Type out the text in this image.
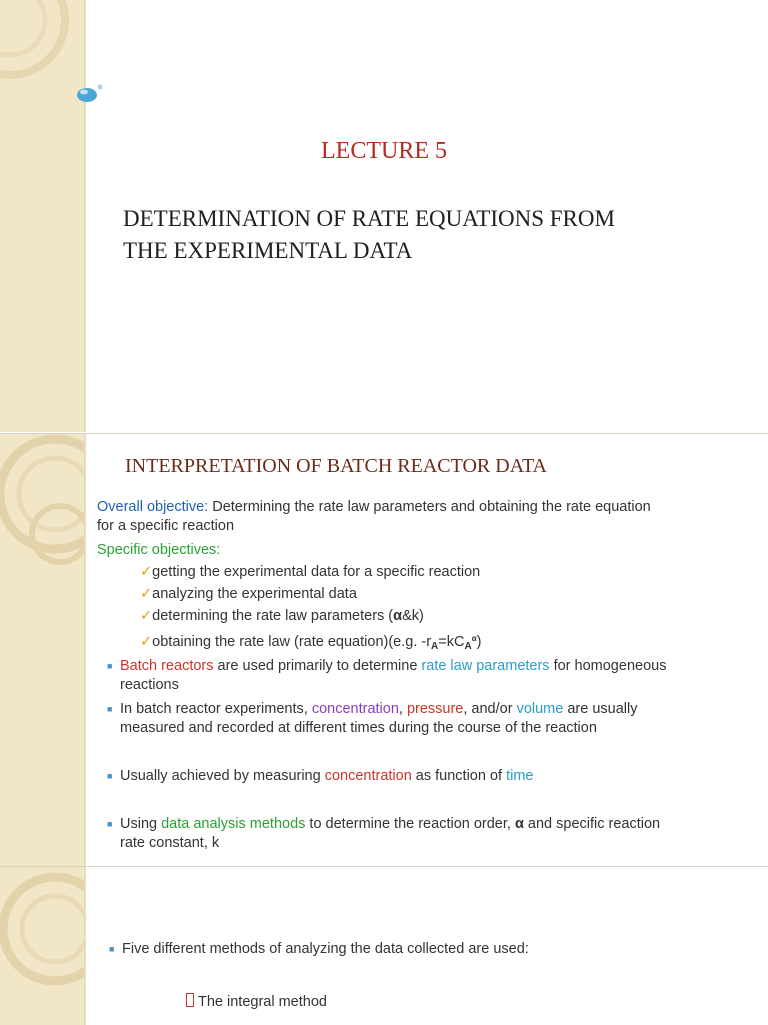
LECTURE 5
DETERMINATION OF RATE EQUATIONS FROM
THE EXPERIMENTAL DATA
INTERPRETATION OF BATCH REACTOR DATA
Overall objective: Determining the rate law parameters and obtaining the rate equation
for a specific reaction
Specific objectives:
✓getting the experimental data for a specific reaction
✓analyzing the experimental data
✓determining the rate law parameters (α&k)
✓obtaining the rate law (rate equation)(e.g. $-r_A=kC_A^\alpha$)
■ Batch reactors are used primarily to determine rate law parameters for homogeneous
reactions
■ In batch reactor experiments, concentration, pressure, and/or volume are usually
measured and recorded at different times during the course of the reaction
■ Usually achieved by measuring concentration as function of time
■ Using data analysis methods to determine the reaction order, α and specific reaction
rate constant, k
■ Five different methods of analyzing the data collected are used:
The integral method
